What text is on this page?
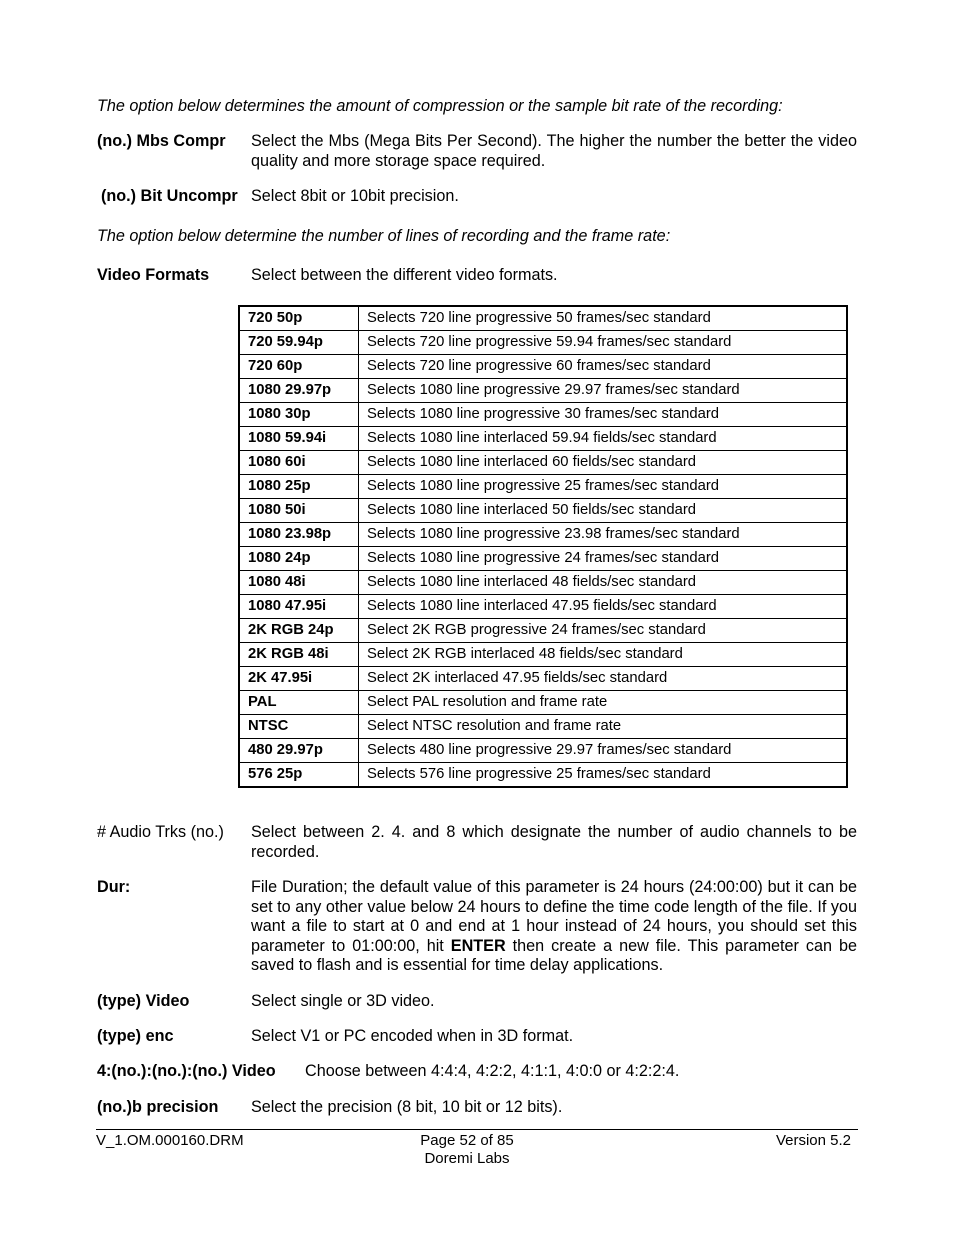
The option below determines the amount of compression or the sample bit rate of the recording:
(no.) Mbs Compr Select the Mbs (Mega Bits Per Second). The higher the number the better the video quality and more storage space required.
(no.) Bit Uncompr Select 8bit or 10bit precision.
The option below determine the number of lines of recording and the frame rate:
Video Formats	Select between the different video formats.
720 50p	Selects 720 line progressive 50 frames/sec standard
720 59.94p	Selects 720 line progressive 59.94 frames/sec standard
720 60p	Selects 720 line progressive 60 frames/sec standard
1080 29.97p	Selects 1080 line progressive 29.97 frames/sec standard
1080 30p	Selects 1080 line progressive 30 frames/sec standard
1080 59.94i	Selects 1080 line interlaced 59.94 fields/sec standard
1080 60i	Selects 1080 line interlaced 60 fields/sec standard
1080 25p	Selects 1080 line progressive 25 frames/sec standard
1080 50i	Selects 1080 line interlaced 50 fields/sec standard
1080 23.98p	Selects 1080 line progressive 23.98 frames/sec standard
1080 24p	Selects 1080 line progressive 24 frames/sec standard
1080 48i	Selects 1080 line interlaced 48 fields/sec standard
1080 47.95i	Selects 1080 line interlaced 47.95 fields/sec standard
2K RGB 24p	Select 2K RGB progressive 24 frames/sec standard
2K RGB 48i	Select 2K RGB interlaced 48 fields/sec standard
2K 47.95i	Select 2K interlaced 47.95 fields/sec standard
PAL	Select PAL resolution and frame rate
NTSC	Select NTSC resolution and frame rate
480 29.97p	Selects 480 line progressive 29.97 frames/sec standard
576 25p	Selects 576 line progressive 25 frames/sec standard
# Audio Trks (no.) Select between 2. 4. and 8 which designate the number of audio channels to be recorded.
Dur:	File Duration; the default value of this parameter is 24 hours (24:00:00) but it can be set to any other value below 24 hours to define the time code length of the file. If you want a file to start at 0 and end at 1 hour instead of 24 hours, you should set this parameter to 01:00:00, hit ENTER then create a new file. This parameter can be saved to flash and is essential for time delay applications.
(type) Video	Select single or 3D video.
(type) enc	Select V1 or PC encoded when in 3D format.
4:(no.):(no.):(no.) Video Choose between 4:4:4, 4:2:2, 4:1:1, 4:0:0 or 4:2:2:4.
(no.)b precision Select the precision (8 bit, 10 bit or 12 bits).
V_1.OM.000160.DRM	Page 52 of 85
Doremi Labs
Version 5.2
